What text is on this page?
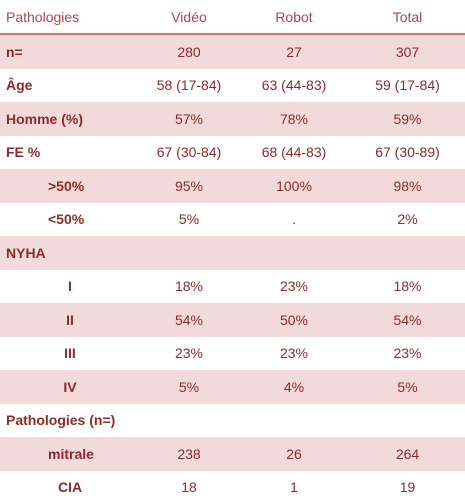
Pathologies	Vidéo	Robot	Total
n=	280	27	307
Âge	58 (17-84)	63 (44-83)	59 (17-84)
Homme (%)	57%	78%	59%
FE %	67 (30-84)	68 (44-83)	67 (30-89)
>50%	95%	100%	98%
<50%	5%	.	2%
NYHA
I	18%	23%	18%
II	54%	50%	54%
III	23%	23%	23%
IV	5%	4%	5%
Pathologies (n=)
mitrale	238	26	264
CIA	18	1	19
